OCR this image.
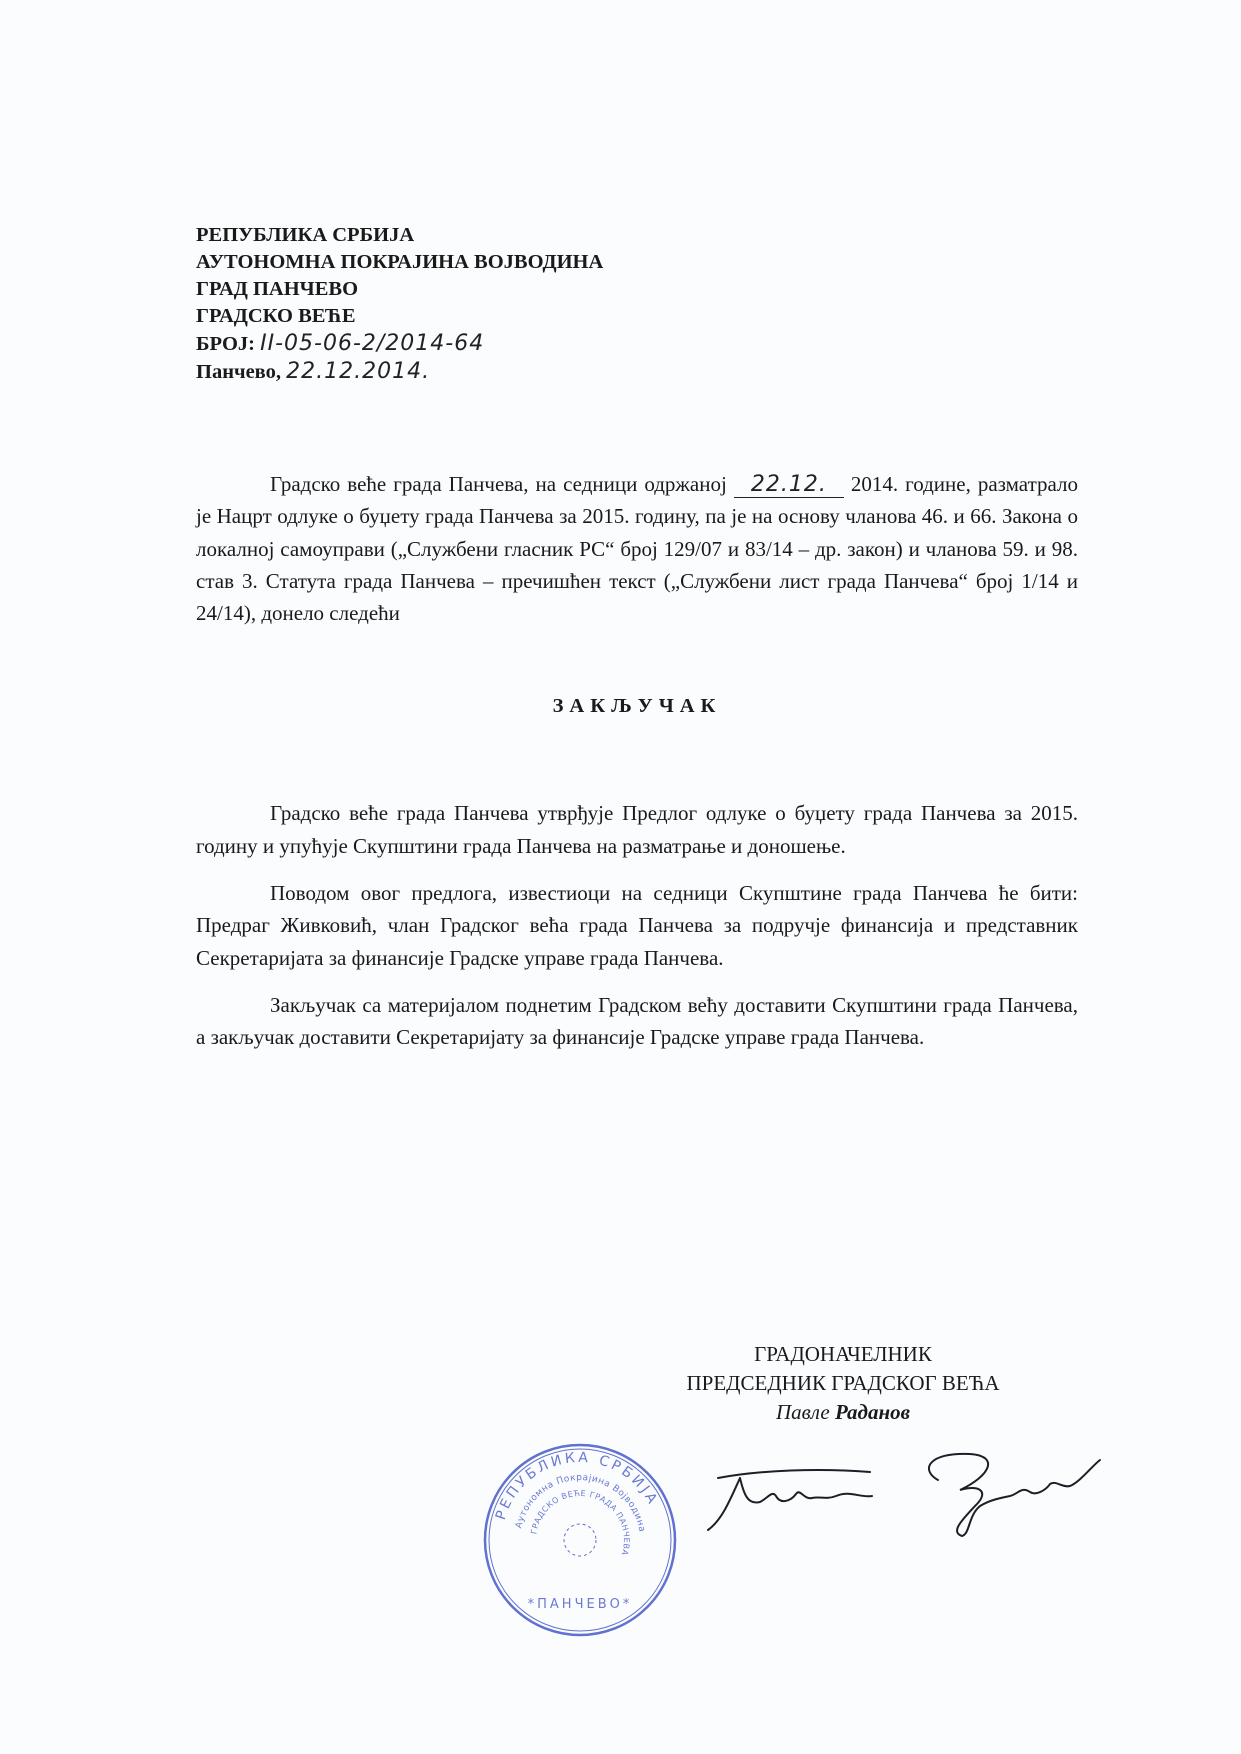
РЕПУБЛИКА СРБИЈА
АУТОНОМНА ПОКРАЈИНА ВОЈВОДИНА
ГРАД ПАНЧЕВО
ГРАДСКО ВЕЋЕ
БРОЈ: II-05-06-2/2014-64
Панчево, 22.12.2014.

Градско веће града Панчева, на седници одржаној 22.12. 2014. године, разматрало је Нацрт одлуке о буџету града Панчева за 2015. годину, па је на основу чланова 46. и 66. Закона о локалној самоуправи („Службени гласник РС“ број 129/07 и 83/14 – др. закон) и чланова 59. и 98. став 3. Статута града Панчева – пречишћен текст („Службени лист града Панчева“ број 1/14 и 24/14), донело следећи

ЗАКЉУЧАК

Градско веће града Панчева утврђује Предлог одлуке о буџету града Панчева за 2015. годину и упућује Скупштини града Панчева на разматрање и доношење.

Поводом овог предлога, известиоци на седници Скупштине града Панчева ће бити: Предраг Живковић, члан Градског већа града Панчева за подручје финансија и представник Секретаријата за финансије Градске управе града Панчева.

Закључак са материјалом поднетим Градском већу доставити Скупштини града Панчева, а закључак доставити Секретаријату за финансије Градске управе града Панчева.

ГРАДОНАЧЕЛНИК
ПРЕДСЕДНИК ГРАДСКОГ ВЕЋА
Павле Раданов
РЕПУБЛИКА СРБИЈА
Аутономна Покрајина Војводина
ГРАДСКО ВЕЋЕ ГРАДА ПАНЧЕВА
*ПАНЧЕВО*
